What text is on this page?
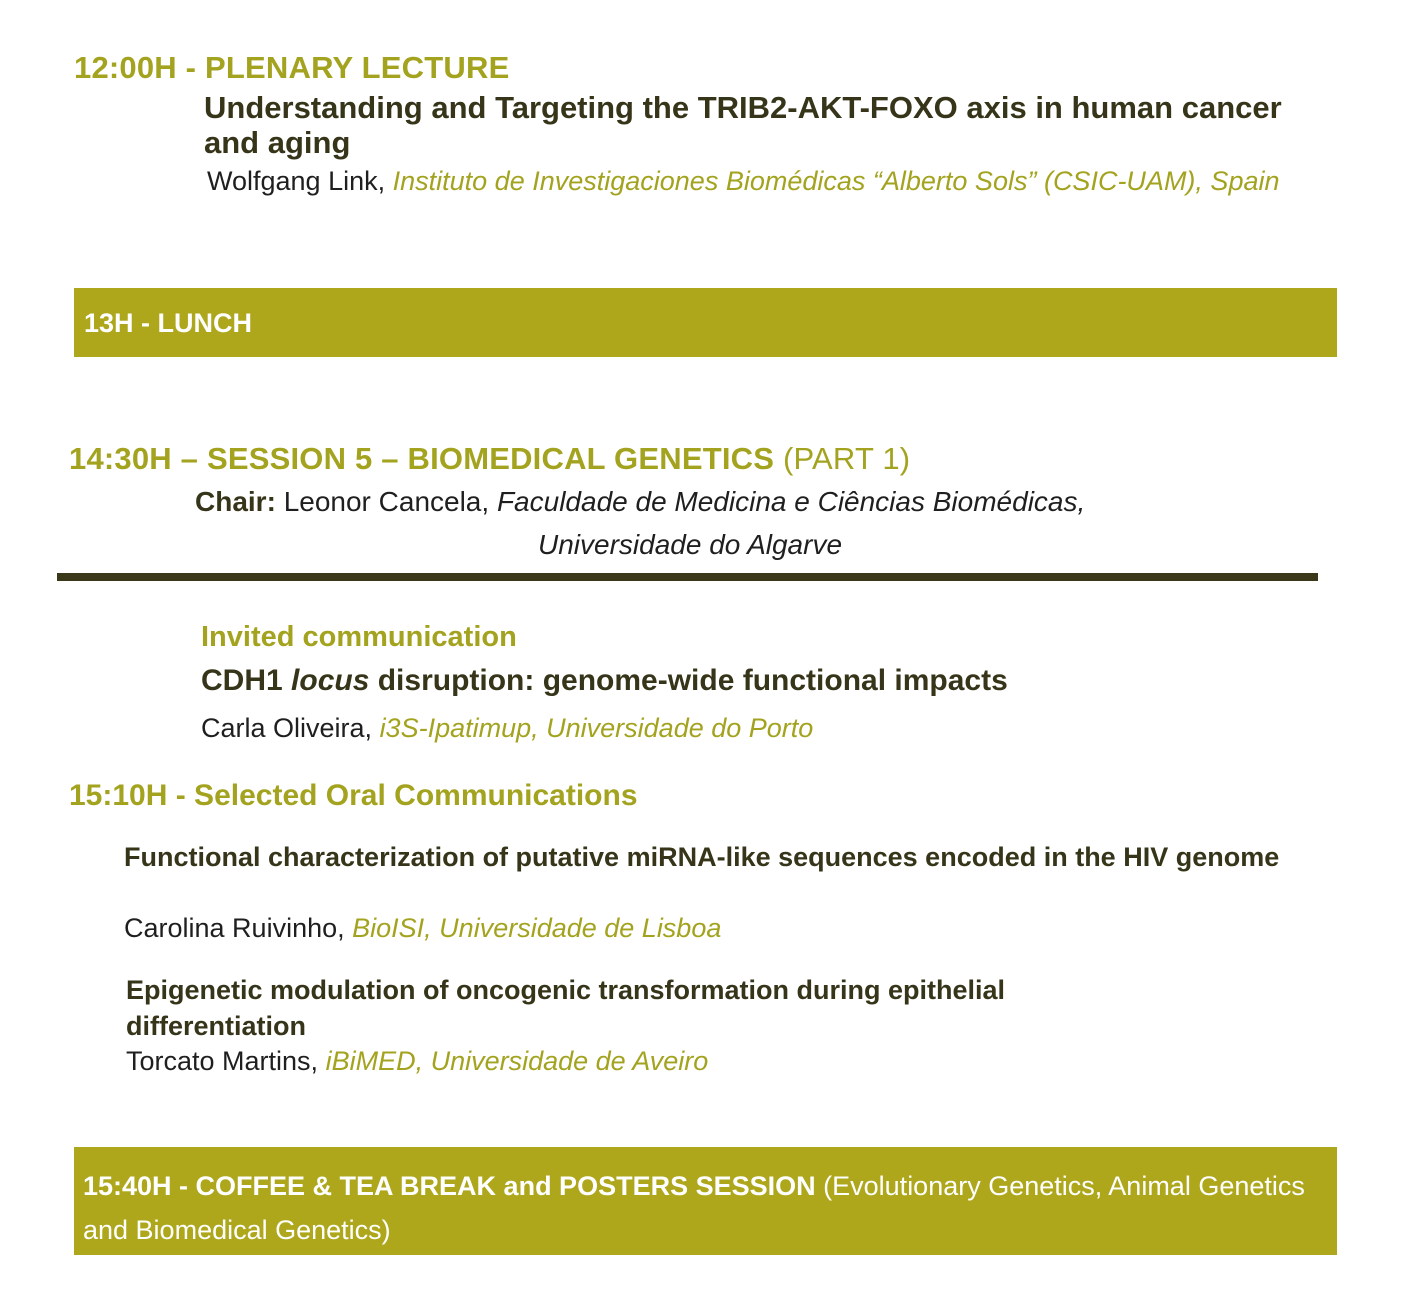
12:00H - PLENARY LECTURE
Understanding and Targeting the TRIB2-AKT-FOXO axis in human cancer and aging
Wolfgang Link, Instituto de Investigaciones Biomédicas “Alberto Sols” (CSIC-UAM), Spain
13H - LUNCH
14:30H – SESSION 5 – BIOMEDICAL GENETICS (PART 1)
Chair: Leonor Cancela, Faculdade de Medicina e Ciências Biomédicas,
Universidade do Algarve
Invited communication
CDH1 locus disruption: genome-wide functional impacts
Carla Oliveira, i3S-Ipatimup, Universidade do Porto
15:10H - Selected Oral Communications
Functional characterization of putative miRNA-like sequences encoded in the HIV genome
Carolina Ruivinho, BioISI, Universidade de Lisboa
Epigenetic modulation of oncogenic transformation during epithelial differentiation
Torcato Martins, iBiMED, Universidade de Aveiro
15:40H - COFFEE & TEA BREAK and POSTERS SESSION (Evolutionary Genetics, Animal Genetics and Biomedical Genetics)
